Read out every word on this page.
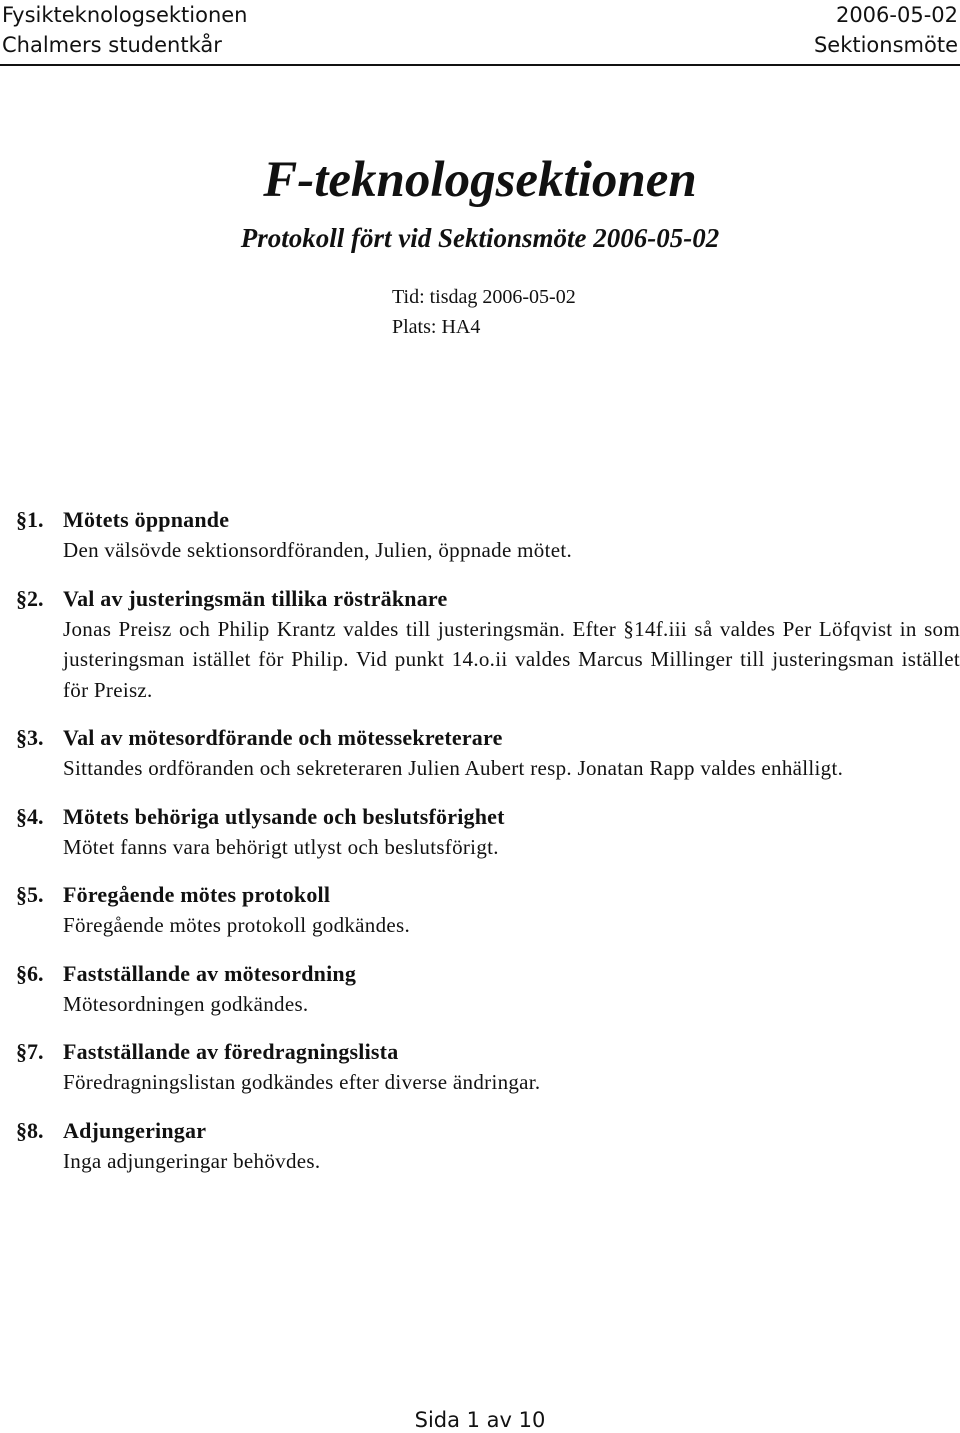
Fysikteknologsektionen
Chalmers studentkår
2006-05-02
Sektionsmöte
F-teknologsektionen
Protokoll fört vid Sektionsmöte 2006-05-02
Tid: tisdag 2006-05-02
Plats: HA4
§1. Mötets öppnande
Den välsövde sektionsordföranden, Julien, öppnade mötet.
§2. Val av justeringsmän tillika rösträknare
Jonas Preisz och Philip Krantz valdes till justeringsmän. Efter §14f.iii så valdes Per Löfqvist in som justeringsman istället för Philip. Vid punkt 14.o.ii valdes Marcus Millinger till justeringsman istället för Preisz.
§3. Val av mötesordförande och mötessekreterare
Sittandes ordföranden och sekreteraren Julien Aubert resp. Jonatan Rapp valdes enhälligt.
§4. Mötets behöriga utlysande och beslutsförighet
Mötet fanns vara behörigt utlyst och beslutsförigt.
§5. Föregående mötes protokoll
Föregående mötes protokoll godkändes.
§6. Fastställande av mötesordning
Mötesordningen godkändes.
§7. Fastställande av föredragningslista
Föredragningslistan godkändes efter diverse ändringar.
§8. Adjungeringar
Inga adjungeringar behövdes.
Sida 1 av 10
